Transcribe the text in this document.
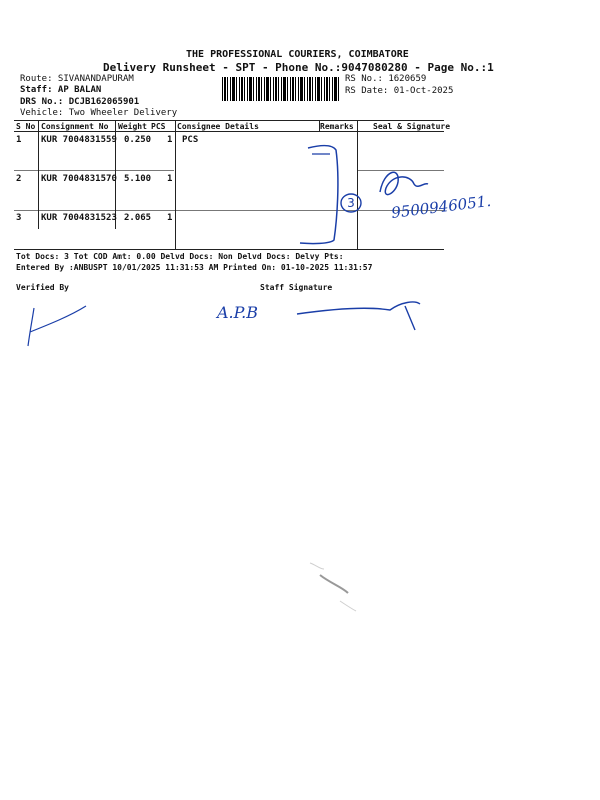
THE PROFESSIONAL COURIERS, COIMBATORE
Delivery Runsheet - SPT - Phone No.:9047080280 - Page No.:1
Route: SIVANANDAPURAM
Staff: AP BALAN
DRS No.: DCJB162065901
Vehicle: Two Wheeler Delivery
RS No.: 1620659
RS Date: 01-Oct-2025
S No Consignment No Weight PCS Consignee Details	Remarks Seal & Signature
1 KUR 7004831559 0.250 1 PCS
2 KUR 7004831570 5.100 1
3 KUR 7004831523 2.065 1
Tot Docs: 3 Tot COD Amt: 0.00 Delvd Docs: Non Delvd Docs: Delvy Pts:
Entered By :ANBUSPT 10/01/2025 11:31:53 AM Printed On: 01-10-2025 11:31:57
Verified By	Staff Signature
3 9500946051.
A.P.B
